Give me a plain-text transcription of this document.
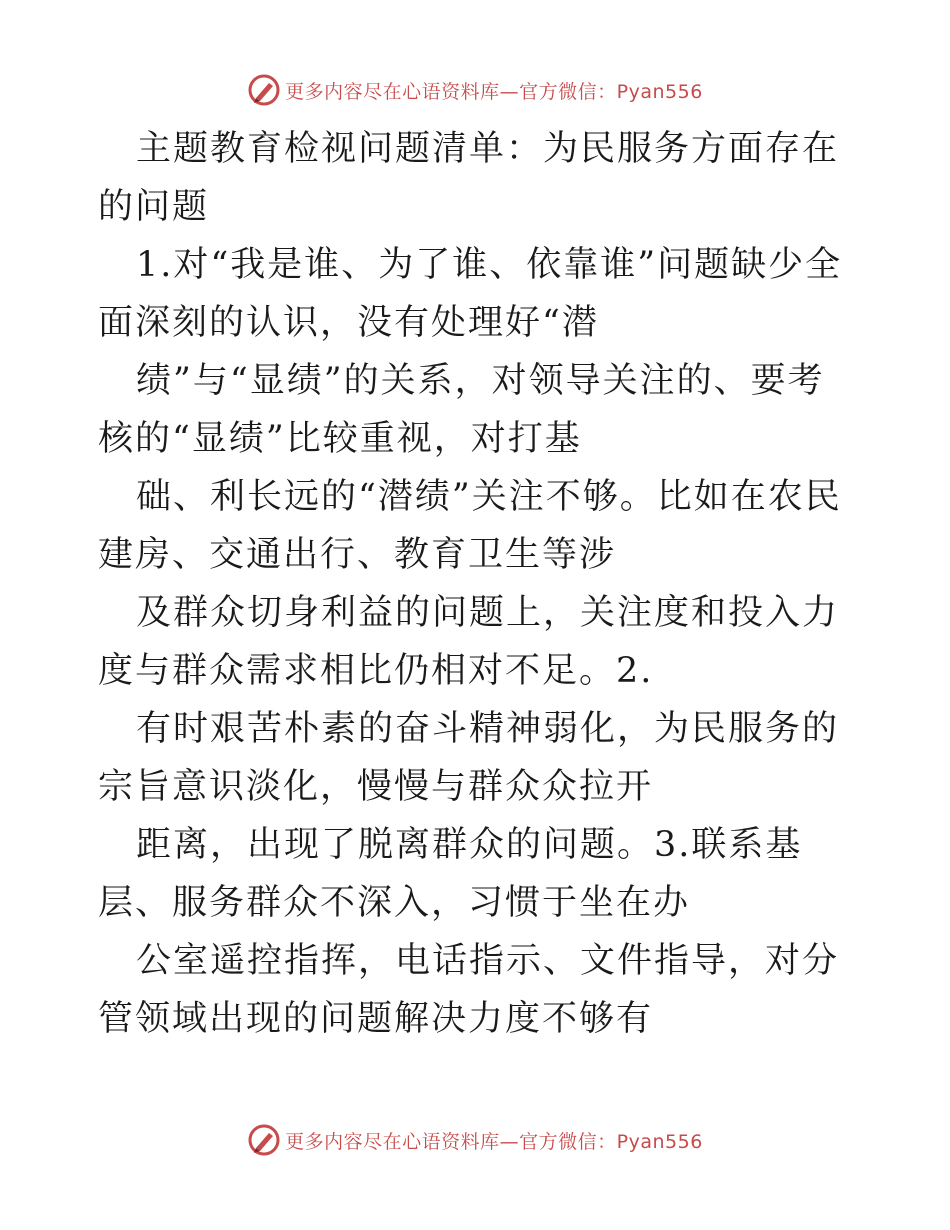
更多内容尽在心语资料库—官方微信：Pyan556

主题教育检视问题清单：为民服务方面存在的问题

1.对“我是谁、为了谁、依靠谁”问题缺少全面深刻的认识，没有处理好“潜

绩”与“显绩”的关系，对领导关注的、要考核的“显绩”比较重视，对打基

础、利长远的“潜绩”关注不够。比如在农民建房、交通出行、教育卫生等涉

及群众切身利益的问题上，关注度和投入力度与群众需求相比仍相对不足。2.

有时艰苦朴素的奋斗精神弱化，为民服务的宗旨意识淡化，慢慢与群众众拉开

距离，出现了脱离群众的问题。3.联系基层、服务群众不深入，习惯于坐在办

公室遥控指挥，电话指示、文件指导，对分管领域出现的问题解决力度不够有

更多内容尽在心语资料库—官方微信：Pyan556
